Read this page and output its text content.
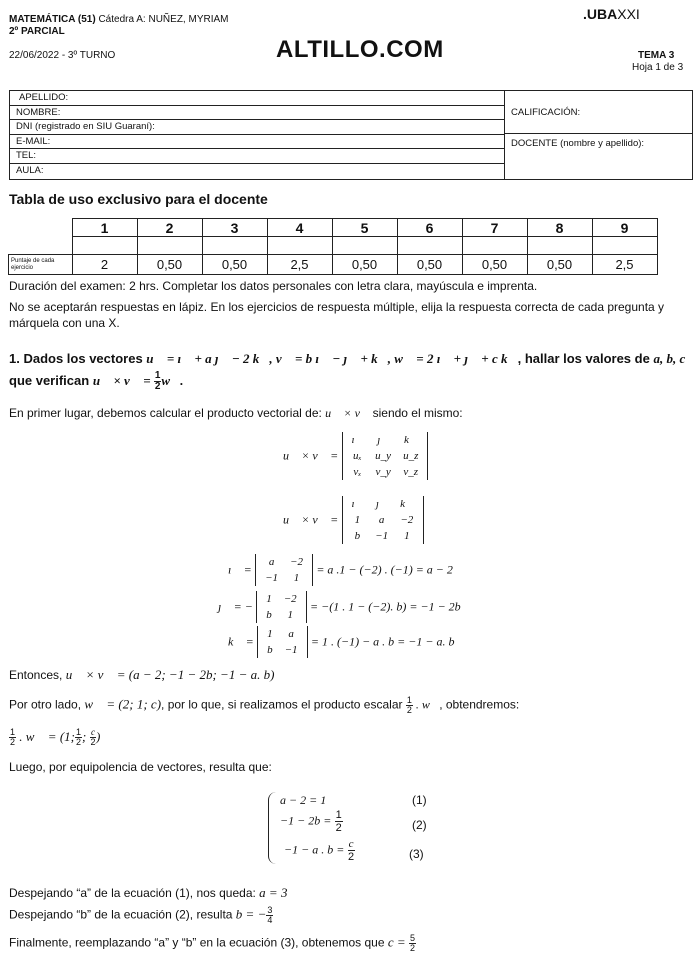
MATEMÁTICA (51) Cátedra A: NUÑEZ, MYRIAM
2º PARCIAL
22/06/2022 - 3º TURNO	ALTILLO.COM
.UBAXXI
TEMA 3
Hoja 1 de 3
APELLIDO:
NOMBRE:
DNI (registrado en SIU Guaraní):
E-MAIL:
TEL:
AULA:
CALIFICACIÓN:
DOCENTE (nombre y apellido):
Tabla de uso exclusivo para el docente
	1	2	3	4	5	6	7	8	9

Puntaje de cada ejercicio	2	0,50	0,50	2,5	0,50	0,50	0,50	0,50	2,5
Duración del examen: 2 hrs. Completar los datos personales con letra clara, mayúscula e imprenta.
No se aceptarán respuestas en lápiz. En los ejercicios de respuesta múltiple, elija la respuesta correcta de cada pregunta y márquela con una X.
1. Dados los vectores u⃗ = ı⃗ + a ȷ⃗ − 2 k⃗, v⃗ = b ı⃗ − ȷ⃗ + k⃗, w⃗ = 2 ı⃗ + ȷ⃗ + c k⃗, hallar los valores de a, b, c
que verifican u⃗ × v⃗ = $\frac{1}{2}$ w⃗.
En primer lugar, debemos calcular el producto vectorial de: u⃗ × v⃗ siendo el mismo:
u⃗ × v⃗ =
ı⃗	ȷ⃗	k⃗
uₓ	u_y	u_z
vₓ	v_y	v_z
u⃗ × v⃗ =
ı⃗	ȷ⃗	k⃗
1	a	−2
b	−1	1
ı⃗ =
a	−2
−1	1
= a .1 − (−2) . (−1) = a − 2
ȷ⃗ = −
1	−2
b	1
= −(1 . 1 − (−2). b) = −1 − 2b
k⃗ =
1	a
b	−1
= 1 . (−1) − a . b = −1 − a. b
Entonces, u⃗ × v⃗ = (a − 2; −1 − 2b; −1 − a. b)
Por otro lado, w⃗ = (2; 1; c), por lo que, si realizamos el producto escalar $\frac{1}{2}$ . w⃗, obtendremos:
$\frac{1}{2}$ . w⃗ = (1; $\frac{1}{2}$ ; $\frac{c}{2}$ )
Luego, por equipolencia de vectores, resulta que:
a − 2 = 1	(1)
$-1 - 2b = \frac{1}{2}$	(2)
−1 − a . $b = \frac{c}{2}$	(3)
Despejando “a” de la ecuación (1), nos queda: a = 3
Despejando “b” de la ecuación (2), resulta b = − $\frac{3}{4}$
Finalmente, reemplazando “a” y “b” en la ecuación (3), obtenemos que $c = \frac{5}{2}$
